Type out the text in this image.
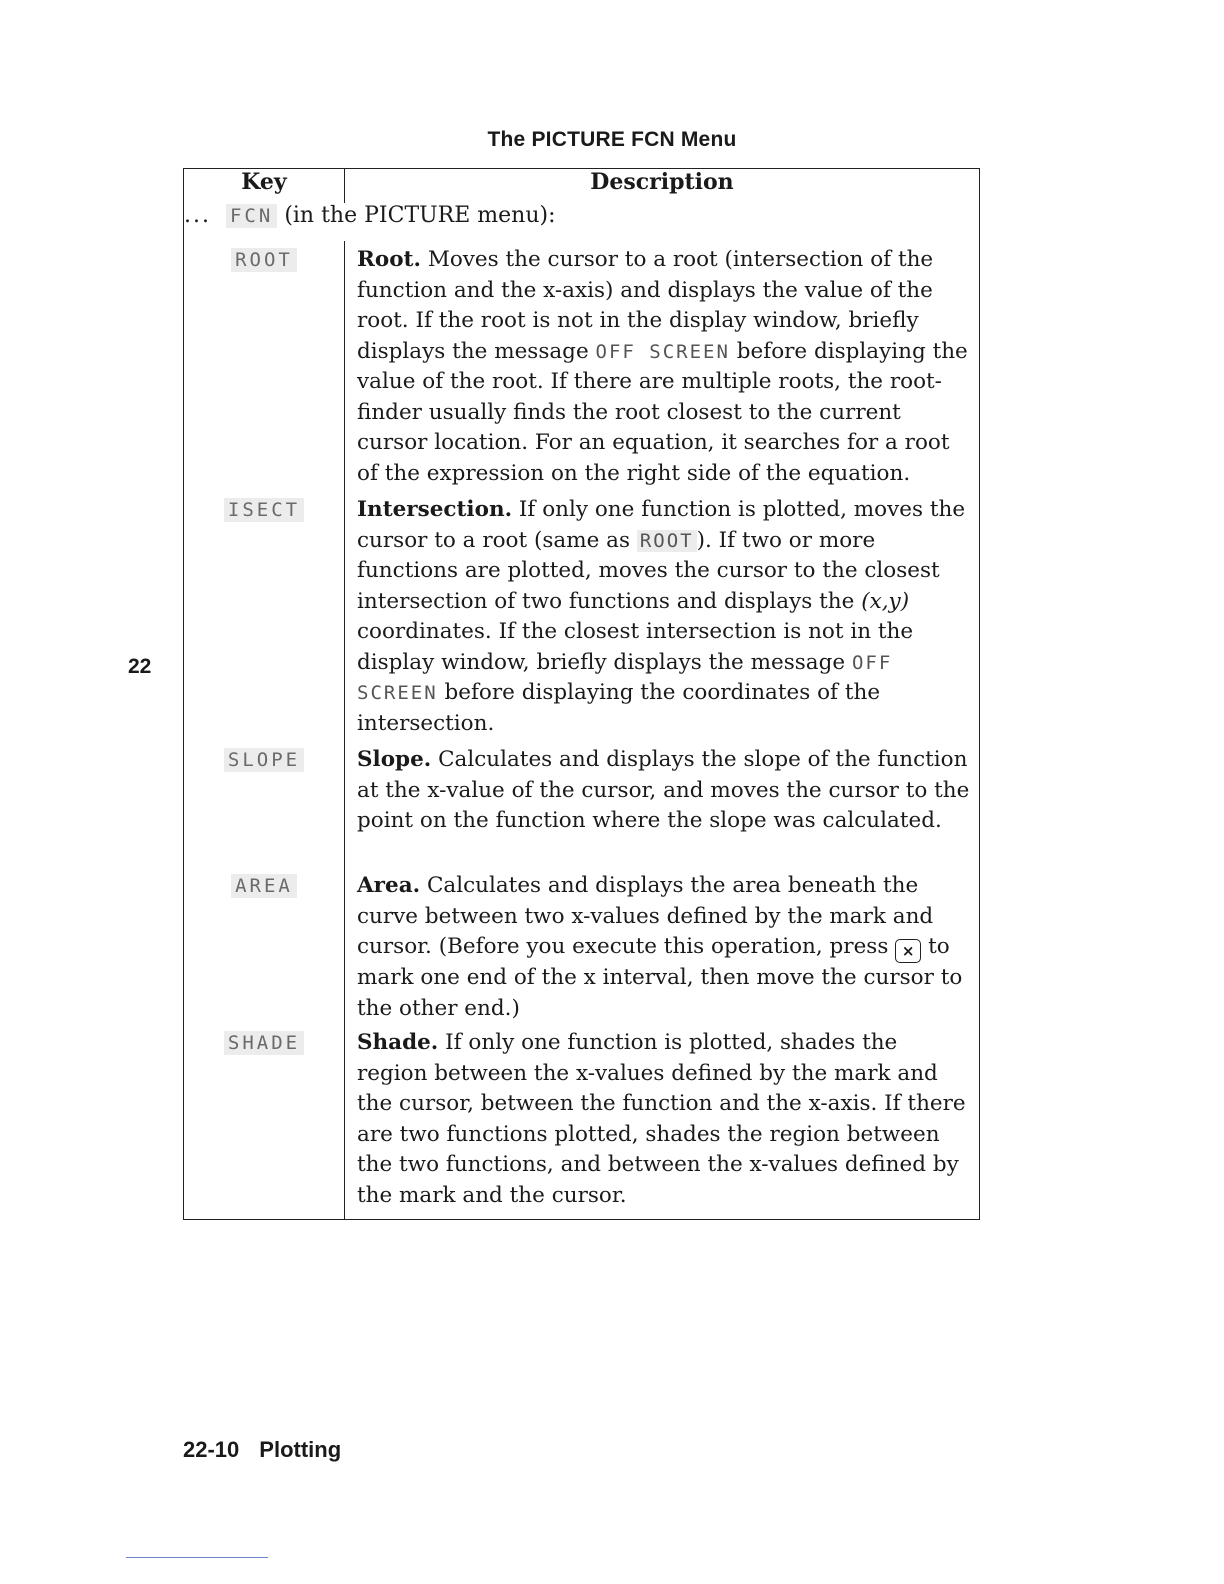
The PICTURE FCN Menu
22
Key	Description
... FCN (in the PICTURE menu):	
ROOT	Root. Moves the cursor to a root (intersection of the function and the x-axis) and displays the value of the root. If the root is not in the display window, briefly displays the message OFF SCREEN before displaying the value of the root. If there are multiple roots, the root-finder usually finds the root closest to the current cursor location. For an equation, it searches for a root of the expression on the right side of the equation.

ISECT	Intersection. If only one function is plotted, moves the cursor to a root (same as ROOT ). If two or more functions are plotted, moves the cursor to the closest intersection of two functions and displays the (x,y) coordinates. If the closest intersection is not in the display window, briefly displays the message OFF SCREEN before displaying the coordinates of the intersection.

SLOPE	Slope. Calculates and displays the slope of the function at the x-value of the cursor, and moves the cursor to the point on the function where the slope was calculated.

AREA	Area. Calculates and displays the area beneath the curve between two x-values defined by the mark and cursor. (Before you execute this operation, press × to mark one end of the x interval, then move the cursor to the other end.)

SHADE	Shade. If only one function is plotted, shades the region between the x-values defined by the mark and the cursor, between the function and the x-axis. If there are two functions plotted, shades the region between the two functions, and between the x-values defined by the mark and the cursor.

22-10 Plotting
